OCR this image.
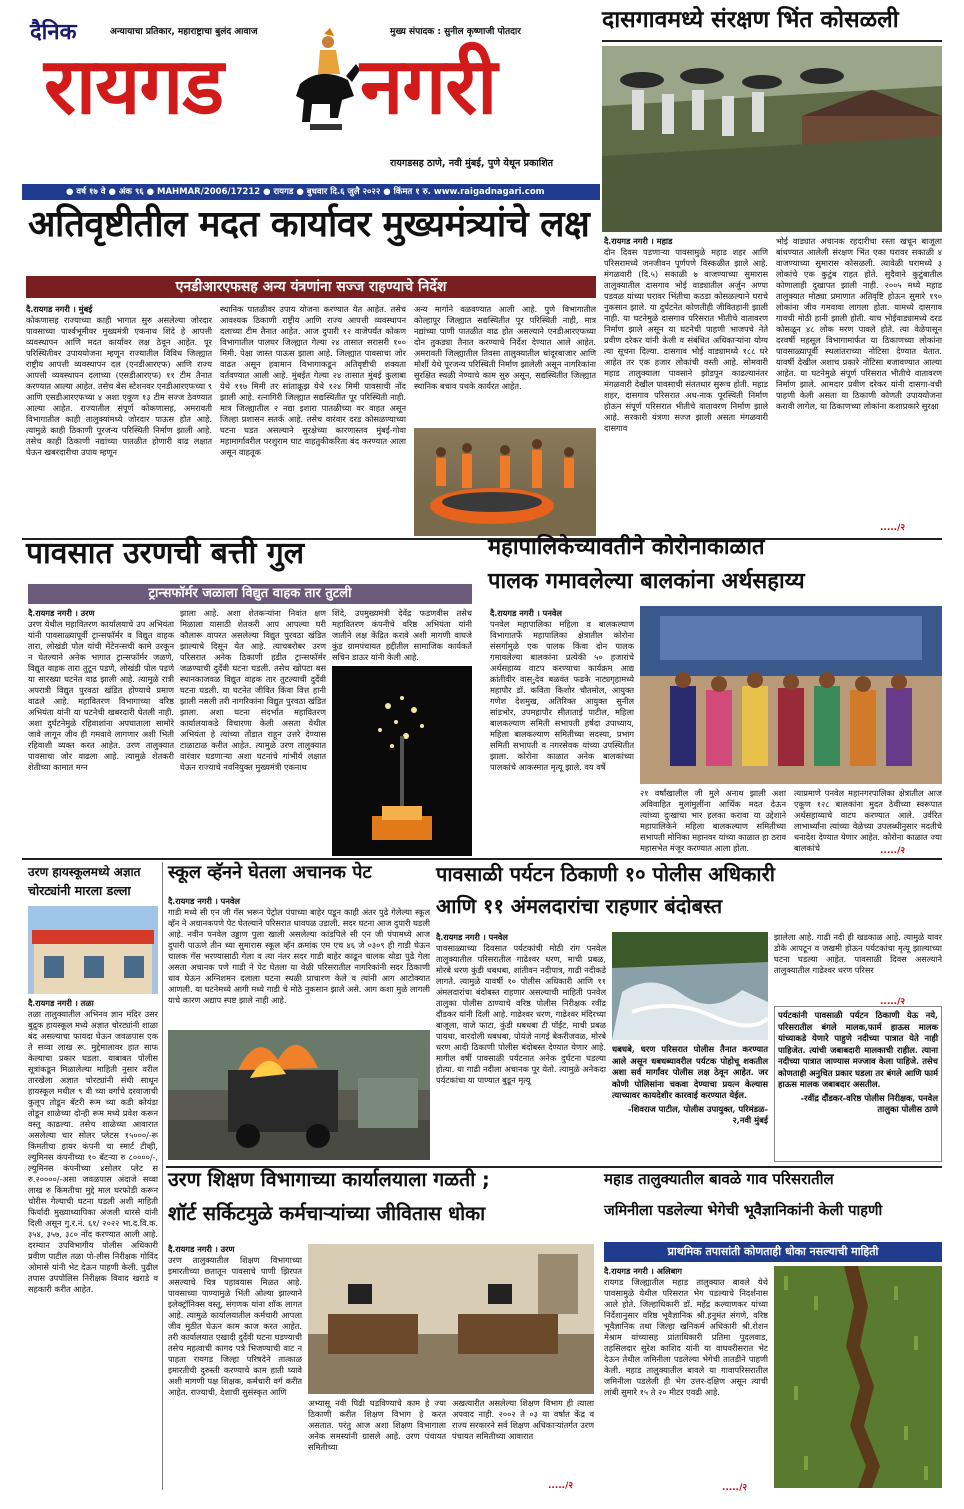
दैनिक	अन्यायाचा प्रतिकार, महाराष्ट्राचा बुलंद आवाज	मुख्य संपादक : सुनील कृष्णाजी पोतदार
रायगड नगरी
रायगडसह ठाणे, नवी मुंबई, पुणे येथून प्रकाशित
● वर्ष १७ वे ● अंक ९६ ● MAHMAR/2006/17212 ● रायगड ● बुधवार दि.६ जुलै २०२२ ● किंमत १ रु. www.raigadnagari.com
अतिवृष्टीतील मदत कार्यावर मुख्यमंत्र्यांचे लक्ष
एनडीआरएफसह अन्य यंत्रणांना सज्ज राहण्याचे निर्देश
दै.रायगड नगरी । मुंबई
कोकणासह राज्याच्या काही भागात सुरु असलेल्या जोरदार पावसाच्या पार्श्वभूमीवर मुख्यमंत्री एकनाथ शिंदे हे आपत्ती व्यवस्थापन आणि मदत कार्यावर लक्ष ठेवून आहेत. पूर परिस्थितीवर उपाययोजना म्हणून राज्यातील विविध जिल्ह्यात राष्ट्रीय आपत्ती व्यवस्थापन दल (एनडीआरएफ) आणि राज्य आपत्ती व्यवस्थापन दलाच्या (एसडीआरएफ) ११ टीम तैनात करण्यात आल्या आहेत. तसेच बेस स्टेशनवर एनडीआरएफच्या ९ आणि एसडीआरएफच्या ४ अशा एकूण १३ टीम सज्ज ठेवण्यात आल्या आहेत. राज्यातील संपूर्ण कोकणासह, अमरावती विभागातील काही तालुक्यांमध्ये जोरदार पाऊस होत आहे. त्यामुळे काही ठिकाणी पूरजन्य परिस्थिती निर्माण झाली आहे. तसेच काही ठिकाणी नद्यांच्या पातळीत होणारी वाढ लक्षात घेऊन खबरदारीचा उपाय म्हणून
स्थानिक पातळीवर उपाय योजना करण्यात येत आहेत. तसेच आवश्यक ठिकाणी राष्ट्रीय आणि राज्य आपत्ती व्यवस्थापन दलाच्या टीम तैनात आहेत. आज दुपारी १२ वाजेपर्यंत कोकण विभागातील पालघर जिल्ह्यात गेल्या २४ तासात सरासरी १०० मिमी. पेक्षा जास्त पाऊस झाला आहे. जिल्ह्यात पावसाचा जोर वाढत असून हवामान विभागाकडून अतिवृष्टीची शक्यता वर्तवण्यात आली आहे. मुंबईत गेल्या २४ तासात मुंबई कुलाबा येथे ११७ मिमी तर सांताक्रूझ येथे १२४ मिमी पावसाची नोंद झाली आहे. रत्नागिरी जिल्ह्यात सद्यस्थितीत पूर परिस्थिती नाही. मात्र जिल्ह्यातील २ नद्या इशारा पातळीच्या वर वाहत असून जिल्हा प्रशासन सतर्क आहे. तसेच वारंवार दरड कोसळण्याच्या घटना घडत असल्याने सुरक्षेच्या कारणास्तव मुंबई-गोवा महामार्गावरील परशुराम घाट वाहतुकीकरिता बंद करण्यात आला असून वाहतूक
अन्य मार्गाने वळवण्यात आली आहे. पुणे विभागातील कोल्हापूर जिल्ह्यात सद्यस्थितीत पूर परिस्थिती नाही, मात्र नद्यांच्या पाणी पातळीत वाढ होत असल्याने एनडीआरएफच्या दोन तुकड्या तैनात करण्याचे निर्देश देण्यात आले आहेत. अमरावती जिल्ह्यातील तिवसा तालुक्यातील चांदूरबाजार आणि मोर्शी येथे पूरजन्य परिस्थिती निर्माण झालेली असून नागरिकांना सुरक्षित स्थळी नेण्याचे काम सुरु असून, सद्यस्थितीत जिल्ह्यात स्थानिक बचाव पथके कार्यरत आहेत.
दासगावमध्ये संरक्षण भिंत कोसळली
दै.रायगड नगरी । महाड
दोन दिवस पडणाऱ्या पावसामुळे महाड शहर आणि परिसरामध्ये जनजीवन पूर्णपणे विस्कळीत झाले आहे. मंगळवारी (दि.५) सकाळी ७ वाजण्याच्या सुमारास तालुक्यातील दासगाव भोई वाड्यातील अर्जुन अण्पा पडवळ यांच्या घरावर भिंतीचा कठडा कोसळल्याने घराचे नुकसान झाले. या दुर्घटनेत कोणतीही जीवितहानी झाली नाही. या घटनेमुळे दासगाव परिसरात भीतीचे वातावरण निर्माण झाले असून या घटनेची पाहणी भाजपचे नेते प्रवीण दरेकर यांनी केली व संबंधित अधिकाऱ्यांना योग्य त्या सूचना दिल्या. दासगाव भोई वाड्यामध्ये १८८ घरे आहेत तर एक हजार लोकांची वस्ती आहे. सोमवारी महाड तालुक्याला पावसाने झोडपून काढल्यानंतर मंगळवारी देखील पावसाची संततधार सुरूच होती. महाड शहर, दासगाव परिसरात अध-नाक पूरस्थिती निर्माण होऊन संपूर्ण परिसरात भीतीचे वातावरण निर्माण झाले आहे. सरकारी यंत्रणा सज्ज झाली असता मंगळवारी दासगाव
भोई वाड्यात अचानक रहदारीचा रस्ता खचून बाजूला बांधण्यात आलेली संरक्षण भिंत एका घरावर सकाळी ४ वाजण्याच्या सुमारास कोसळली. त्यावेळी घरामध्ये ३ लोकांचे एक कुटुंब राहत होते. सुदैवाने कुटुंबातील कोणालाही दुखापत झाली नाही. २००५ मध्ये महाड तालुक्यात मोठ्या प्रमाणात अतिवृष्टि होऊन सुमारे १९० लोकांना जीव गमवावा लागला होता. यामध्ये दासगाव गावची मोठी हानी झाली होती. याच भोईवाड्यामध्ये दरड कोसळून ४८ लोक मरण पावले होते. त्या वेळेपासून दरवर्षी महसूल विभागामार्फत या ठिकाणच्या लोकांना पावसाळ्यापूर्वी स्थलांतराच्या नोटिसा देण्यात येतात. यावर्षी देखील अशाच प्रकारे नोटिसा बजावण्यात आल्या आहेत. या घटनेमुळे संपूर्ण परिसरात भीतीचे वातावरण निर्माण झाले. आमदार प्रवीण दरेकर यांनी दासगा-वची पाहणी केली असता या ठिकाणी कोणती उपाययोजना करावी लागेल, या ठिकाणच्या लोकांना कशाप्रकारे सुरक्षा
...../२
पावसात उरणची बत्ती गुल
ट्रान्सफॉर्मर जळाला विद्युत वाहक तार तुटली
दै.रायगड नगरी । उरण
उरण येथील महावितरण कार्यालयाचे उप अभियंता यांनी पावसाळ्यापूर्वी ट्रान्सफॉर्मर व विद्युत वाहक तारा, लोखंडी पोल यांची मेंटेनन्सची कामे उरकून न घेतल्याने अनेक भागात ट्रान्सफॉर्मर जळणे, विद्युत वाहक तारा तुटून पडणे, लोखंडी पोल पडणे या सारख्या घटनेत वाढ झाली आहे. त्यामुळे रात्री अपरात्री विद्युत पुरवठा खंडित होण्याचे प्रमाण वाढले आहे. महावितरण विभागाच्या वरिष्ठ अभियंता यांनी या घटनेची खबरदारी घेतली नाही. अशा दुर्घटनेमुळे रहिवाशांना अपघाताला सामोरे जावे लागून जीव ही गमवावे लागणार अशी भिती रहिवाशी व्यक्त करत आहेत. उरण तालुक्यात पावसाचा जोर वाढला आहे. त्यामुळे शेतकरी शेतीच्या कामात मग्न
झाला आहे. अशा शेतकऱ्यांना निवांत क्षण मिळाला यासाठी शेतकरी आप आपल्या घरी कौलारू वापरत असलेल्या विद्युत पुरवठा खंडित झाल्याचे दिसून येत आहे. त्याचबरोबर उरण परिसरात अनेक ठिकाणी हडीत ट्रान्सफॉर्मर जळण्याची दुर्देवी घटना घडली. तसेच खोपटा बस स्थानकाजवळ विद्युत वाहक तार तुटल्याची दुर्देवी घटना घडली. या घटनेत जीवित किंवा वित्त हानी झाली नसली तरी नागरिकांना विद्युत पुरवठा खंडित झाला. अशा घटना संदर्भात महावितरण कार्यालयाकडे विचारणा केली असता येथील अभियंता हे त्यांच्या तोंडात राहून उत्तरे देण्यास टाळाटाळ करीत आहेत. त्यामुळे उरण तालुक्यात वारंवार घडणाऱ्या अशा घटनांचे गांभीर्य लक्षात घेऊन राज्याचे नवनियुक्त मुख्यमंत्री एकनाथ
शिंदे, उपमुख्यमंत्री देवेंद्र फडणवीस तसेच महावितरण कंपनीचे वरिष्ठ अभियंता यांनी जातीने लक्ष केंद्रित करावे अशी मागणी वाघजे कुंड ग्रामपंचायत हद्दीतील सामाजिक कार्यकर्ते सचिन डाऊर यांनी केली आहे.
महापालिकेच्यावतीने कोरोनाकाळात
पालक गमावलेल्या बालकांना अर्थसहाय्य
दै.रायगड नगरी । पनवेल
पनवेल महापालिका महिला व बालकल्याण विभागातर्फे महापालिका क्षेत्रातील कोरोना संसर्गामुळे एक पालक किंवा दोन पालक गमावलेल्या बालकांना प्रत्येकी ५० हजारांचे अर्थसहाय्य वाटप करण्याचा कार्यक्रम आद्य क्रांतीवीर वास-ुदेव बळवंत फडके नाट्यगृहामध्ये महापौर डॉ. कविता किशोर चौतमोल, आयुक्त गणेश देशमुख, अतिरिक्त आयुक्त सुनील सांडभोर, उपमहापौर सीताताई पाटील, महिला बालकल्याण समिती सभापती हर्षदा उपाध्याय, महिला बालकल्याण समितीच्या सदस्या, प्रभाग समिती सभापती व नगरसेवक यांच्या उपस्थितीत झाला. कोरोना काळात अनेक बालकांच्या पालकांचे आकस्मात मृत्यू झाले. वय वर्षे
२१ वर्षांखालील जी मुले अनाथ झाली अशा अविवाहित मुलांमुलींना आर्थिक मदत देऊन त्यांच्या दुःखाचा भार हलका करावा या उद्देशाने महापालिकेने महिला बालकल्याण समितीच्या सभापती मोनिका महानवर यांच्या काळात हा ठराव महासभेत मंजूर करण्यात आला होता.
त्याप्रमाणे पनवेल महानगरपालिका क्षेत्रातील आज एकूण १२८ बालकांना मुदत ठेवीच्या स्वरूपात अर्थसहाय्याचे वाटप करण्यात आले. उर्वरित लाभार्थ्यांना त्यांच्या वेळेच्या उपलब्धीनुसार मदतीचे धनादेश देण्यात येणार आहेत. कोरोना काळात ज्या बालकांचे	...../२
उरण हायस्कूलमध्ये अज्ञात
चोरट्यांनी मारला डल्ला
दै.रायगड नगरी । तळा
तळा तालुक्यातील अभिनव ज्ञान मंदिर उसर बुद्रुक हायस्कूल मध्ये अज्ञात चोरट्यांनी शाळा बंद असल्याचा फायदा घेऊन जवळपास एक ते सव्वा लाख रू. मुद्देमालावर हात साफ केल्याचा प्रकार घडला. याबाबत पोलीस सूत्रांकडून मिळालेल्या माहिती नुसार वरील तारखेला अज्ञात चोरट्यांनी संधी साधून हायस्कूल मधील ९ वी च्या वर्गाचे दरवाजाची कुलूप तोडून बॅटरी रूम च्या कडी कोयंडा तोडून शाळेच्या दोन्ही रूम मध्ये प्रवेश करून वस्तू काढल्या. तसेच शाळेच्या आवारात असलेल्या चार सोलर प्लेटस १५०००/-रू किमतीचा हायर कंपनी चा स्मार्ट टीव्ही, ल्युमिनस कंपनीच्या १० बॅटऱ्या रु ८००००/-, ल्युमिनस कंपनीच्या ४सोलर प्लेट स रु.२००००/-असा जवळपास अंदाजे सव्वा लाख रु किमतीचा मुद्दे माल घरफोडी करून चोरीस गेल्याची घटना घडली अशी माहिती फिर्यादी मुख्याध्यापिका अंजली धारसे यांनी दिली असून गु.र.नं. ६१/ २०२२ भा.द.वि.क. ३५४, ३५७, ३८० नोंद करण्यात आली आहे. दरम्यान उपविभागीय पोलीस अधिकारी प्रवीण पाटील तळा पो-लीस निरीक्षक गोविंद ओमासे यांनी भेट देऊन पाहणी केली. पुढील तपास उपपोलिस निरीक्षक विवाद खराडे व सहकारी करीत आहेत.
स्कूल व्हॅनने घेतला अचानक पेट
दै.रायगड नगरी । पनवेल
गाडी मध्ये सी एन जी गॅस भरून पेट्रोल पंपाच्या बाहेर पडून काही अंतर पुढे गेलेल्या स्कूल व्हॅन ने अचानकपणे पेट घेतल्याने परिसरात धावपळ उडाली. सदर घटना आज दुपारी घडली आहे. नवीन पनवेल उड्डाण पुला खाली असलेल्या कांडपिले सी एन जी पंपामध्ये आज दुपारी पाऊणे तीन च्या सुमारास स्कूल व्हॅन क्रमांक एम एच ४६ जे ०३०९ ही गाडी घेऊन चालक गॅस भरण्यासाठी गेला व त्या नंतर सदर गाडी बाहेर काढून चालक थोडा पुढे गेला असता अचानक पणे गाडी ने पेट घेतला या वेळी परिसरातील नागरिकांनी सदर ठिकाणी धाव घेऊन अग्निशमन दलाला घटना स्थळी प्राचारण केले व त्यांनी आग आटोक्यात आणली. या घटनेमध्ये आगी मध्ये गाडी चे मोठे नुकसान झाले असे. आग कशा मुळे लागली याचे कारण अद्याप स्पष्ट झाले नाही आहे.
पावसाळी पर्यटन ठिकाणी १० पोलीस अधिकारी
आणि ११ अंमलदारांचा राहणार बंदोबस्त
दै.रायगड नगरी । पनवेल
पावसाळ्याच्या दिवसात पर्यटकांची मोठी रांग पनवेल तालुक्यातील परिसरातील गाढेश्वर धरण, माची प्रबळ, मोरबे धरण कुंडी धबधबा, शांतीवन नदीपात्र, गाढी नदीकडे लागते. त्यामुळे यावर्षी १० पोलीस अधिकारी आणि ११ अंमलदारांचा बंदोबस्त राहणार असल्याची माहिती पनवेल तालुका पोलीस ठाण्याचे वरिष्ठ पोलीस निरीक्षक रवींद्र दौंडकर यांनी दिली आहे. गाढेश्वर धरण, गाढेश्वर मंदिरच्या बाजूला, वाजे फाटा, कुंडी धबधबा टी पॉईंट, माची प्रबळ पायथा, वारदोली धबधबा, पोयंजे नागई बेकरीजवळ, मोरबे धरण आदी ठिकाणी पोलीस बंदोबस्त देण्यात येणार आहे. मागील वर्षी पावसाळी पर्यटनात अनेक दुर्घटना घडल्या होत्या. या गाढी नदीला अचानक पूर येतो. त्यामुळे अनेकदा पर्यटकांचा या पाण्यात बुडून मृत्यू
झालेला आहे. गाढी नदी ही खडकाळ आहे. त्यामुळे यावर डोके आपटून व जखमी होऊन पर्यटकांचा मृत्यू झाल्याच्या घटना घडल्या आहेत. पावसाळी दिवस असल्याने तालुक्यातील गाढेश्वर धरण परिसर
...../२
धबधबे, धरण परिसरात पोलीस तैनात करण्यात आले असून धबधब्यावरील पर्यटक पोहोचू शकतील अशा सर्व मार्गांवर पोलीस लक्ष ठेवून आहेत. जर कोणी पोलिसांना चकवा देण्याचा प्रयत्न केल्यास त्याच्यावर कायदेशीर कारवाई करण्यात येईल.
-शिवराज पाटील, पोलीस उपायुक्त, परिमंडळ- २,नवी मुंबई
पर्यटकांनी पावसाळी पर्यटन ठिकाणी येऊ नये, परिसरातील बंगले मालक,फार्म हाऊस मालक यांच्याकडे येणारे पाहुणे नदीच्या पात्रात येते नाही पाहिजेत. त्यांची जबाबदारी मालकाची राहील. त्याना नदीच्या पात्रात जाण्यास मज्जाव केला पाहिजे. तसेच कोणताही अनुचित प्रकार घडला तर बंगले आणि फार्म हाऊस मालक जबाबदार असतील.
-रवींद्र दौंडकर-वरिष्ठ पोलीस निरीक्षक, पनवेल तालुका पोलीस ठाणे
उरण शिक्षण विभागाच्या कार्यालयाला गळती ;
शॉर्ट सर्किटमुळे कर्मचाऱ्यांच्या जीवितास धोका
दै.रायगड नगरी । उरण
उरण तालुक्यातील शिक्षण विभागाच्या इमारतीच्या छतातून पावसाचे पाणी झिरपत असल्याचे चित्र पहावयास मिळत आहे. पावसाच्या पाण्यामुळे भिंती ओल्या झाल्याने इलेक्ट्रॉनिक्स वस्तू, संगणक यांना शॉक लागत आहे. त्यामुळे कार्यालयातील कर्मचारी आपला जीव मुठीत घेऊन काम काज करत आहेत. तरी कार्यालयात एखादी दुर्देवी घटना घडण्याची तसेच महत्वाची कागद पत्रे भिजण्याची वाट न पाहता रायगड जिल्हा परिषदेने तात्काळ इमारतीची दुरुस्ती करण्याचे काम हाती घ्यावे अशी मागणी पक्ष शिक्षक, कर्मचारी वर्ग करीत आहेत. राज्याची, देशाची सुसंस्कृत आणि
अभ्यासू नवी पिढी घडविण्याचे काम हे ज्या ठिकाणी करीत शिक्षण विभाग हे करत असतात. परंतु आज अशा शिक्षण विभागाला अनेक समस्यांनी ग्रासले आहे. उरण पंचायत समितीच्या
अखत्यारीत असलेल्या शिक्षण विभाग ही त्याला अपवाद नाही. २००२ ते ०३ या वर्षात केंद्र व राज्य सरकारने सर्व शिक्षण अधिकाऱ्यांतर्गत उरण पंचायत समितीच्या आवारात
...../२
महाड तालुक्यातील बावळे गाव परिसरातील
जमिनीला पडलेल्या भेगेची भूवैज्ञानिकांनी केली पाहणी
प्राथमिक तपासांती कोणताही धोका नसल्याची माहिती
दै.रायगड नगरी । अलिबाग
रायगड जिल्ह्यातील महाड तालुक्यात बावले येथे पावसामुळे येथील परिसरात भेग पडल्याचे निदर्शनास आले होते. जिल्हाधिकारी डॉ. महेंद्र कल्याणकर यांच्या निर्देशानुसार वरिष्ठ भूवैज्ञानिक श्री.हनुमंत संगणे, वरिष्ठ भूवैज्ञानिक तथा जिल्हा खनिकर्म अधिकारी श्री.रोशन मेश्राम यांच्यासह प्रांताधिकारी प्रतिमा पुदलवाड, तहसिलदार सुरेश काशिद यांनी या वाघवरीसरात भेट देऊन तेथील जमिनीला पडलेल्या भेगेची तातडीने पाहणी केली. महाड तालुक्यातील बावले या गावापरिसरातील जमिनीला पडलेली ही भेग उत्तर-दक्षिण असून त्याची लांबी सुमारे १५ ते २० मीटर एवढी आहे.
...../२
